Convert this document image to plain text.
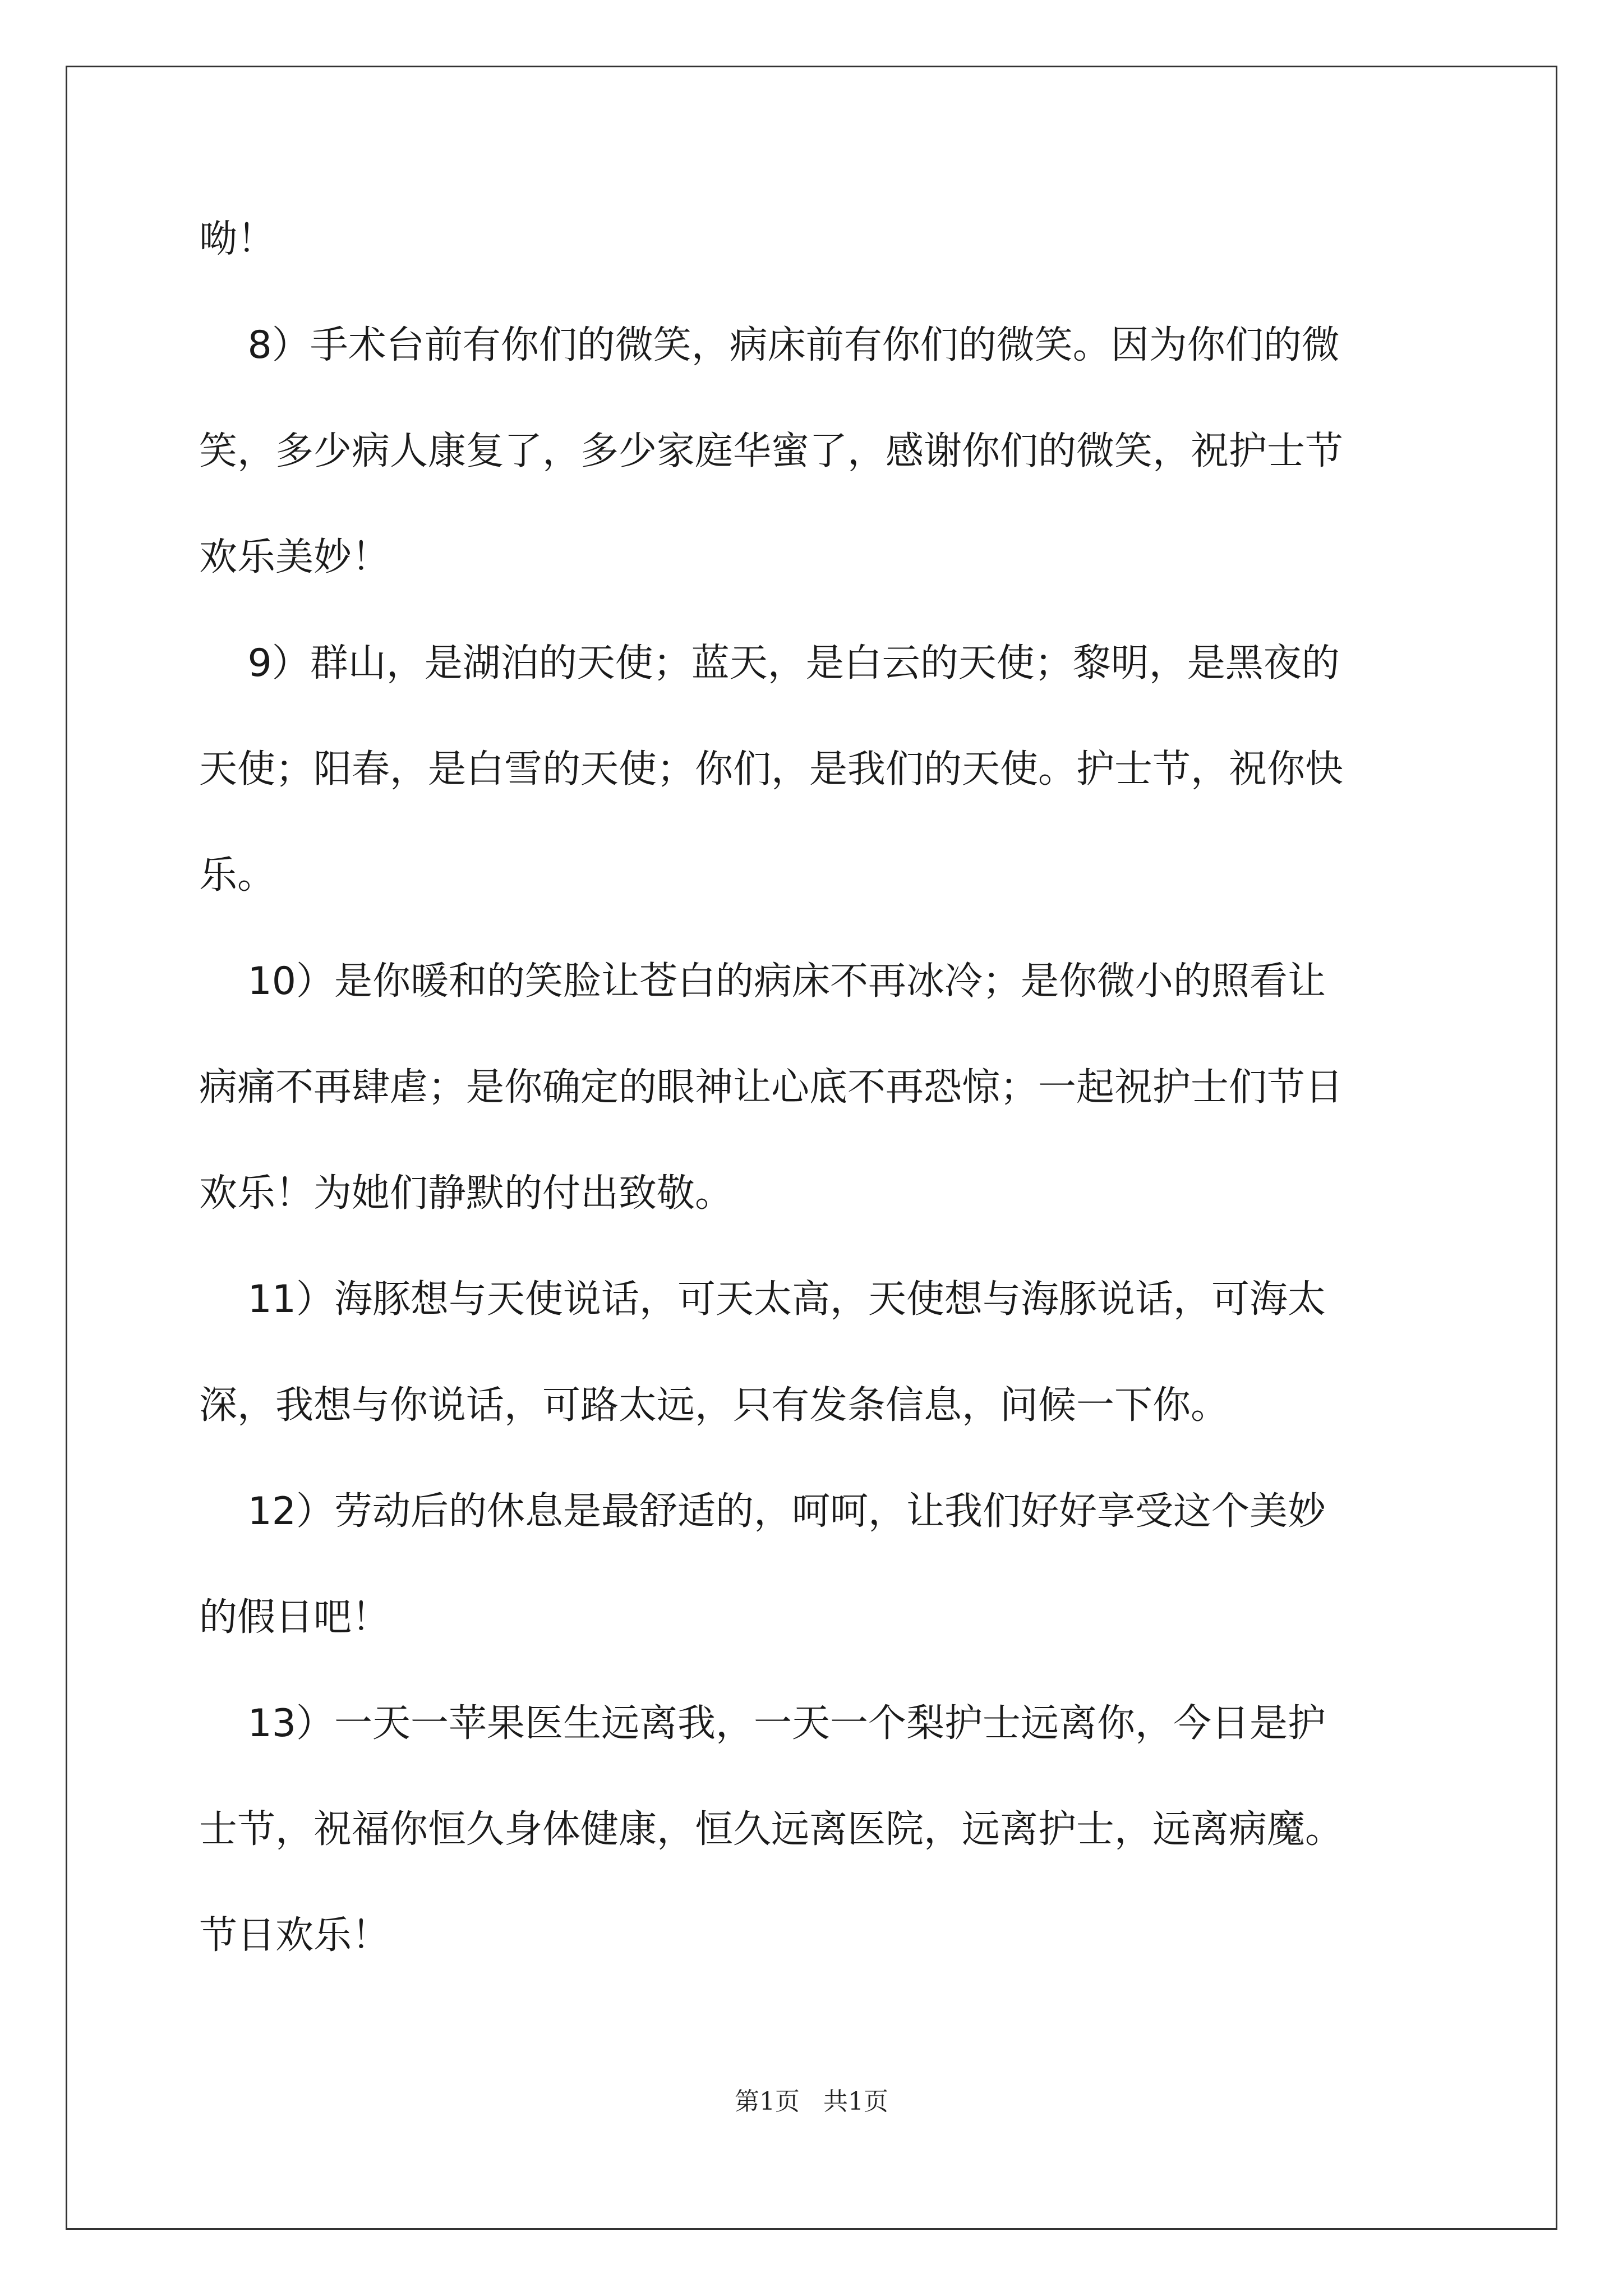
呦！
8）手术台前有你们的微笑，病床前有你们的微笑。因为你们的微
笑，多少病人康复了，多少家庭华蜜了，感谢你们的微笑，祝护士节
欢乐美妙！
9）群山，是湖泊的天使；蓝天，是白云的天使；黎明，是黑夜的
天使；阳春，是白雪的天使；你们，是我们的天使。护士节，祝你快
乐。
10）是你暖和的笑脸让苍白的病床不再冰冷；是你微小的照看让
病痛不再肆虐；是你确定的眼神让心底不再恐惊；一起祝护士们节日
欢乐！为她们静默的付出致敬。
11）海豚想与天使说话，可天太高，天使想与海豚说话，可海太
深，我想与你说话，可路太远，只有发条信息，问候一下你。
12）劳动后的休息是最舒适的，呵呵，让我们好好享受这个美妙
的假日吧！
13）一天一苹果医生远离我，一天一个梨护士远离你，今日是护
士节，祝福你恒久身体健康，恒久远离医院，远离护士，远离病魔。
节日欢乐！
第1页 共1页
